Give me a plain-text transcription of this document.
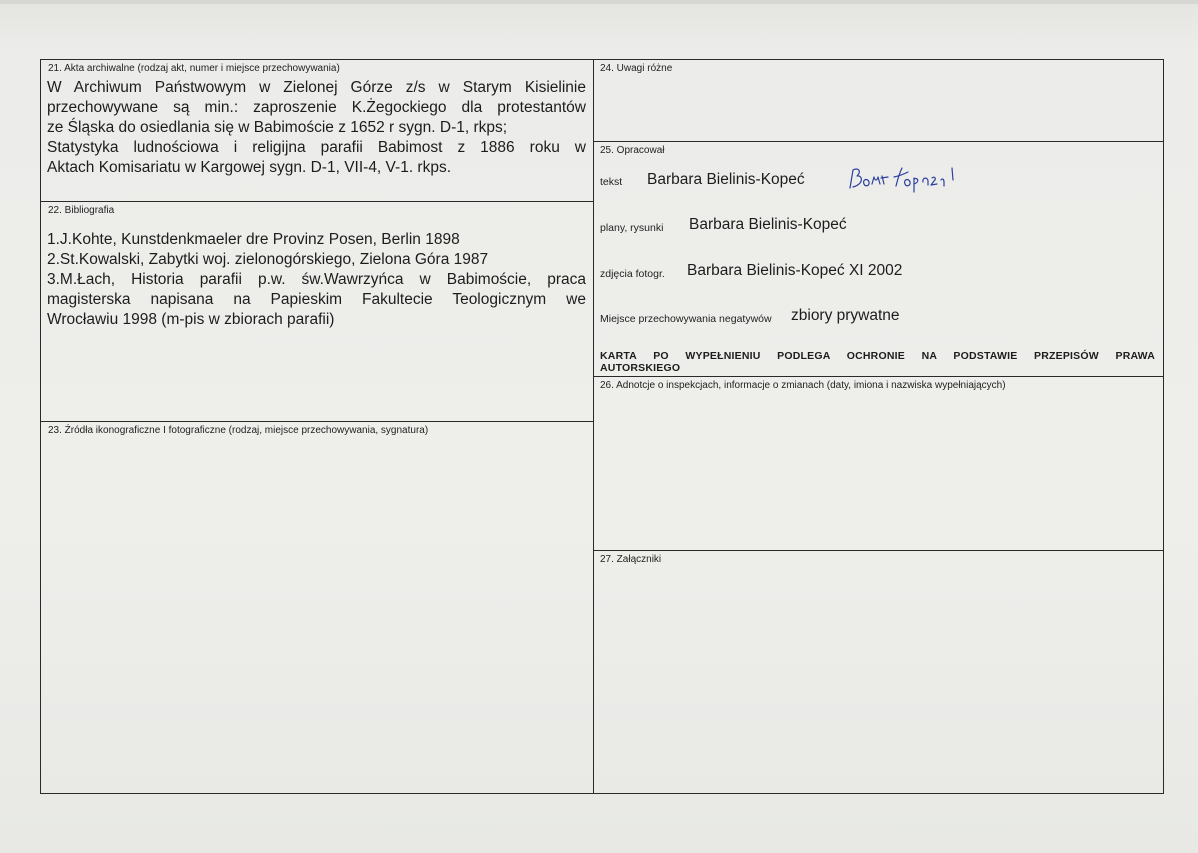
21. Akta archiwalne (rodzaj akt, numer i miejsce przechowywania)
W Archiwum Państwowym w Zielonej Górze z/s w Starym Kisielinie
przechowywane są min.: zaproszenie K.Żegockiego dla protestantów
ze Śląska do osiedlania się w Babimoście z 1652 r sygn. D-1, rkps;
Statystyka ludnościowa i religijna parafii Babimost z 1886 roku w
Aktach Komisariatu w Kargowej sygn. D-1, VII-4, V-1. rkps.
22. Bibliografia
1.J.Kohte, Kunstdenkmaeler dre Provinz Posen, Berlin 1898
2.St.Kowalski, Zabytki woj. zielonogórskiego, Zielona Góra 1987
3.M.Łach, Historia parafii p.w. św.Wawrzyńca w Babimoście, praca
magisterska napisana na Papieskim Fakultecie Teologicznym we
Wrocławiu 1998 (m-pis w zbiorach parafii)
23. Źródła ikonograficzne I fotograficzne (rodzaj, miejsce przechowywania, sygnatura)
24. Uwagi różne
25. Opracował
tekst Barbara Bielinis-Kopeć
plany, rysunki Barbara Bielinis-Kopeć
zdjęcia fotogr. Barbara Bielinis-Kopeć XI 2002
Miejsce przechowywania negatywów zbiory prywatne
KARTA PO WYPEŁNIENIU PODLEGA OCHRONIE NA PODSTAWIE PRZEPISÓW PRAWA
AUTORSKIEGO
26. Adnotcje o inspekcjach, informacje o zmianach (daty, imiona i nazwiska wypełniających)
27. Załączniki
